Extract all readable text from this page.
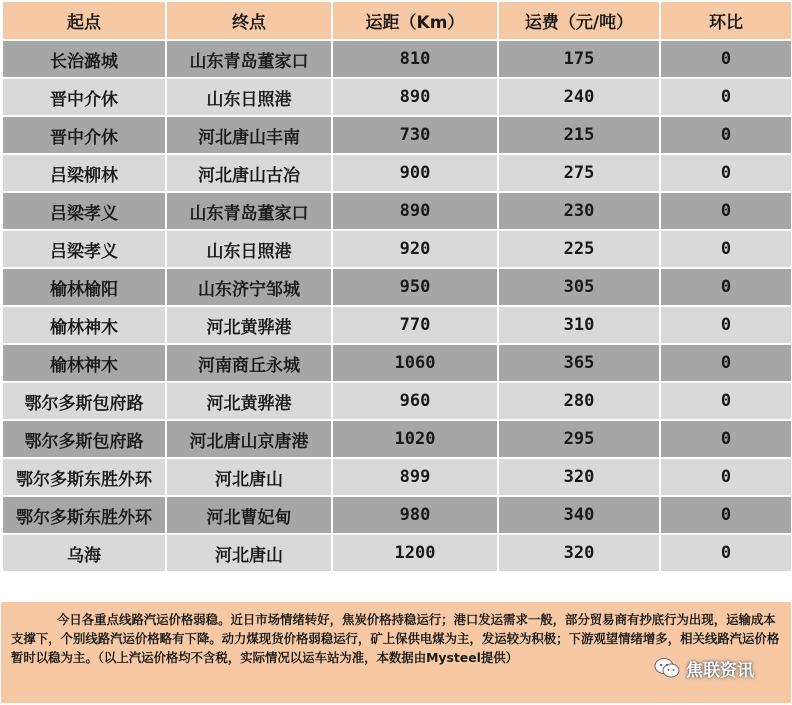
起点	终点	运距（Km）	运费（元/吨）	环比
长治潞城	山东青岛董家口	810	175	0
晋中介休	山东日照港	890	240	0
晋中介休	河北唐山丰南	730	215	0
吕梁柳林	河北唐山古冶	900	275	0
吕梁孝义	山东青岛董家口	890	230	0
吕梁孝义	山东日照港	920	225	0
榆林榆阳	山东济宁邹城	950	305	0
榆林神木	河北黄骅港	770	310	0
榆林神木	河南商丘永城	1060	365	0
鄂尔多斯包府路	河北黄骅港	960	280	0
鄂尔多斯包府路	河北唐山京唐港	1020	295	0
鄂尔多斯东胜外环	河北唐山	899	320	0
鄂尔多斯东胜外环	河北曹妃甸	980	340	0
乌海	河北唐山	1200	320	0

今日各重点线路汽运价格弱稳。近日市场情绪转好，焦炭价格持稳运行；港口发运需求一般，部分贸易商有抄底行为出现，运输成本支撑下，个别线路汽运价格略有下降。动力煤现货价格弱稳运行，矿上保供电煤为主，发运较为积极；下游观望情绪增多，相关线路汽运价格暂时以稳为主。（以上汽运价格均不含税，实际情况以运车站为准，本数据由Mysteel提供）

焦联资讯
